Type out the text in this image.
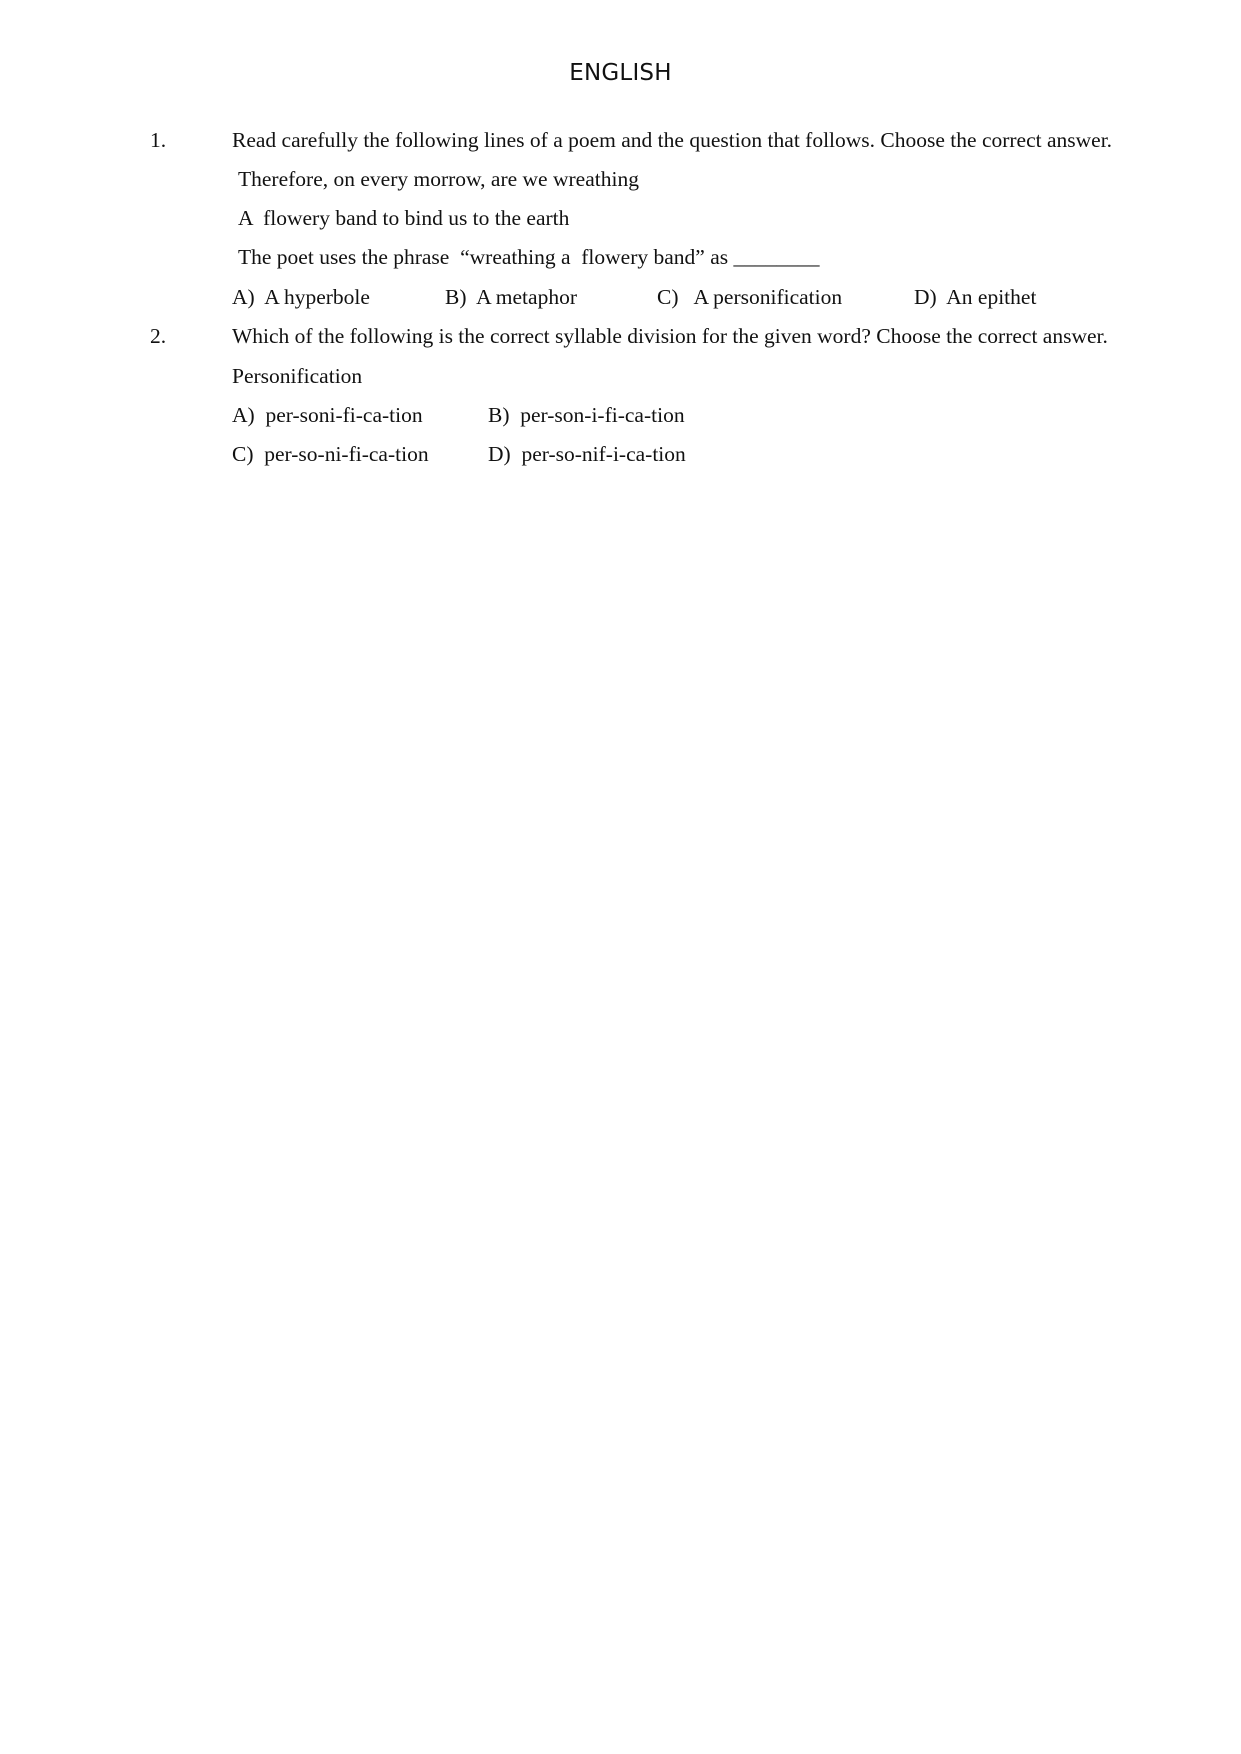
ENGLISH
1.	Read carefully the following lines of a poem and the question that follows. Choose the correct answer.
Therefore, on every morrow, are we wreathing
A  flowery band to bind us to the earth
The poet uses the phrase  “wreathing a  flowery band” as ________
A) A hyperbole	B) A metaphor	C) A personification	D) An epithet
2.	Which of the following is the correct syllable division for the given word? Choose the correct answer.
Personification
A) per-soni-fi-ca-tion	B) per-son-i-fi-ca-tion
C) per-so-ni-fi-ca-tion	D) per-so-nif-i-ca-tion
